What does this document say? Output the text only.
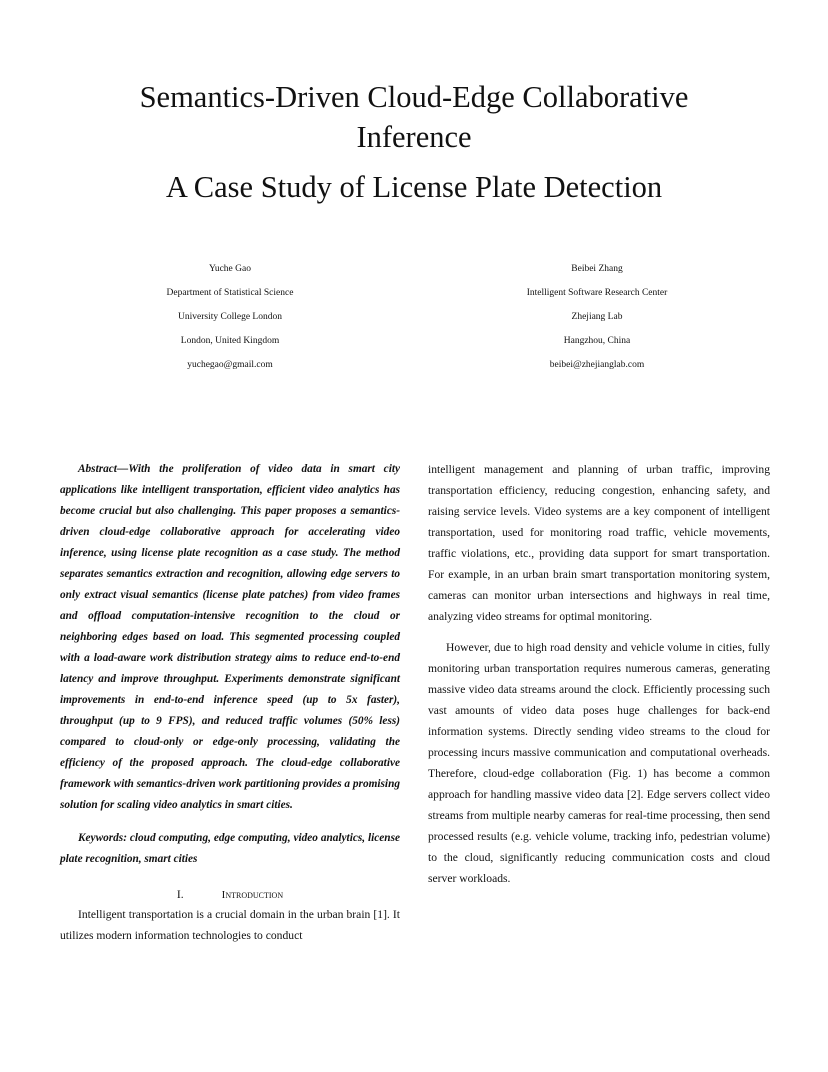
Semantics-Driven Cloud-Edge Collaborative
Inference
A Case Study of License Plate Detection
Yuche Gao
Department of Statistical Science
University College London
London, United Kingdom
yuchegao@gmail.com
Beibei Zhang
Intelligent Software Research Center
Zhejiang Lab
Hangzhou, China
beibei@zhejianglab.com

Abstract—With the proliferation of video data in smart city applications like intelligent transportation, efficient video analytics has become crucial but also challenging. This paper proposes a semantics-driven cloud-edge collaborative approach for accelerating video inference, using license plate recognition as a case study. The method separates semantics extraction and recognition, allowing edge servers to only extract visual semantics (license plate patches) from video frames and offload computation-intensive recognition to the cloud or neighboring edges based on load. This segmented processing coupled with a load-aware work distribution strategy aims to reduce end-to-end latency and improve throughput. Experiments demonstrate significant improvements in end-to-end inference speed (up to 5x faster), throughput (up to 9 FPS), and reduced traffic volumes (50% less) compared to cloud-only or edge-only processing, validating the efficiency of the proposed approach. The cloud-edge collaborative framework with semantics-driven work partitioning provides a promising solution for scaling video analytics in smart cities.

Keywords: cloud computing, edge computing, video analytics, license plate recognition, smart cities

I.	Introduction

Intelligent transportation is a crucial domain in the urban brain [1]. It utilizes modern information technologies to conduct

intelligent management and planning of urban traffic, improving transportation efficiency, reducing congestion, enhancing safety, and raising service levels. Video systems are a key component of intelligent transportation, used for monitoring road traffic, vehicle movements, traffic violations, etc., providing data support for smart transportation. For example, in an urban brain smart transportation monitoring system, cameras can monitor urban intersections and highways in real time, analyzing video streams for optimal monitoring.

However, due to high road density and vehicle volume in cities, fully monitoring urban transportation requires numerous cameras, generating massive video data streams around the clock. Efficiently processing such vast amounts of video data poses huge challenges for back-end information systems. Directly sending video streams to the cloud for processing incurs massive communication and computational overheads. Therefore, cloud-edge collaboration (Fig. 1) has become a common approach for handling massive video data [2]. Edge servers collect video streams from multiple nearby cameras for real-time processing, then send processed results (e.g. vehicle volume, tracking info, pedestrian volume) to the cloud, significantly reducing communication costs and cloud server workloads.
